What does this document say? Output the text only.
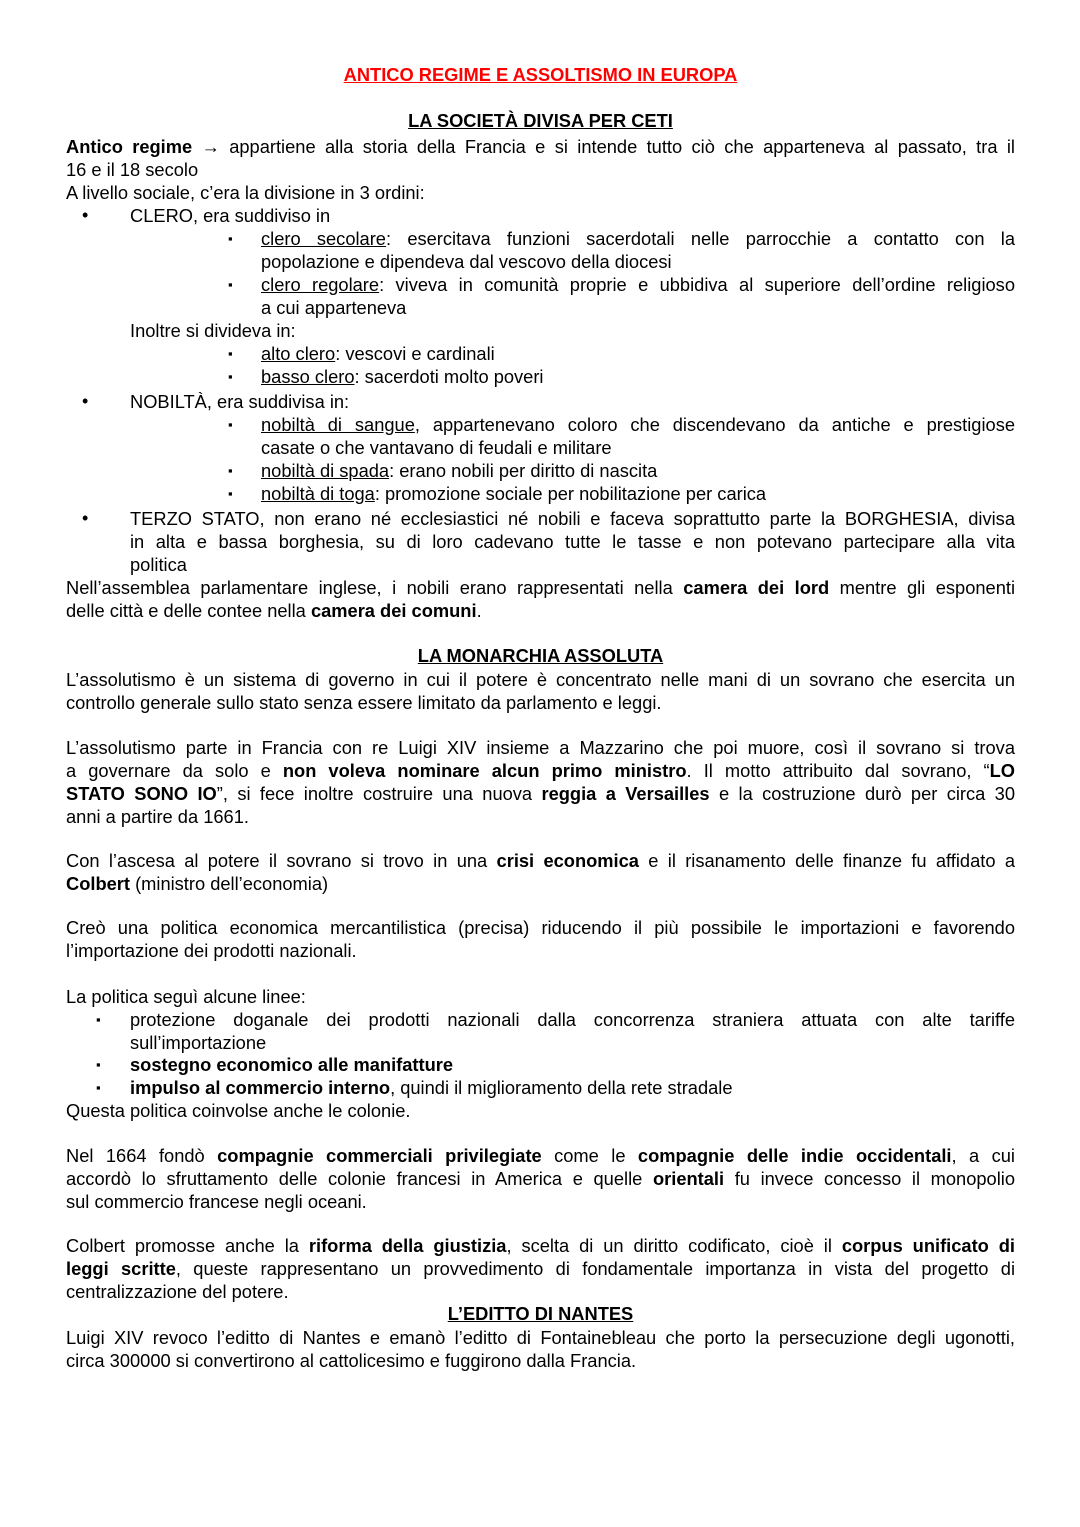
ANTICO REGIME E ASSOLTISMO IN EUROPA
LA SOCIETÀ DIVISA PER CETI
Antico regime → appartiene alla storia della Francia e si intende tutto ciò che apparteneva al passato, tra il
16 e il 18 secolo
A livello sociale, c’era la divisione in 3 ordini:
• CLERO, era suddiviso in
▪ clero secolare: esercitava funzioni sacerdotali nelle parrocchie a contatto con la
popolazione e dipendeva dal vescovo della diocesi
▪ clero regolare: viveva in comunità proprie e ubbidiva al superiore dell’ordine religioso
a cui apparteneva
Inoltre si divideva in:
▪ alto clero: vescovi e cardinali
▪ basso clero: sacerdoti molto poveri
• NOBILTÀ, era suddivisa in:
▪ nobiltà di sangue, appartenevano coloro che discendevano da antiche e prestigiose
casate o che vantavano di feudali e militare
▪ nobiltà di spada: erano nobili per diritto di nascita
▪ nobiltà di toga: promozione sociale per nobilitazione per carica
• TERZO STATO, non erano né ecclesiastici né nobili e faceva soprattutto parte la BORGHESIA, divisa
in alta e bassa borghesia, su di loro cadevano tutte le tasse e non potevano partecipare alla vita
politica
Nell’assemblea parlamentare inglese, i nobili erano rappresentati nella camera dei lord mentre gli esponenti
delle città e delle contee nella camera dei comuni.
LA MONARCHIA ASSOLUTA
L’assolutismo è un sistema di governo in cui il potere è concentrato nelle mani di un sovrano che esercita un
controllo generale sullo stato senza essere limitato da parlamento e leggi.
L’assolutismo parte in Francia con re Luigi XIV insieme a Mazzarino che poi muore, così il sovrano si trova
a governare da solo e non voleva nominare alcun primo ministro. Il motto attribuito dal sovrano, “LO
STATO SONO IO”, si fece inoltre costruire una nuova reggia a Versailles e la costruzione durò per circa 30
anni a partire da 1661.
Con l’ascesa al potere il sovrano si trovo in una crisi economica e il risanamento delle finanze fu affidato a
Colbert (ministro dell’economia)
Creò una politica economica mercantilistica (precisa) riducendo il più possibile le importazioni e favorendo
l’importazione dei prodotti nazionali.
La politica seguì alcune linee:
▪ protezione doganale dei prodotti nazionali dalla concorrenza straniera attuata con alte tariffe
sull’importazione
▪ sostegno economico alle manifatture
▪ impulso al commercio interno, quindi il miglioramento della rete stradale
Questa politica coinvolse anche le colonie.
Nel 1664 fondò compagnie commerciali privilegiate come le compagnie delle indie occidentali, a cui
accordò lo sfruttamento delle colonie francesi in America e quelle orientali fu invece concesso il monopolio
sul commercio francese negli oceani.
Colbert promosse anche la riforma della giustizia, scelta di un diritto codificato, cioè il corpus unificato di
leggi scritte, queste rappresentano un provvedimento di fondamentale importanza in vista del progetto di
centralizzazione del potere.
L’EDITTO DI NANTES
Luigi XIV revoco l’editto di Nantes e emanò l’editto di Fontainebleau che porto la persecuzione degli ugonotti,
circa 300000 si convertirono al cattolicesimo e fuggirono dalla Francia.
